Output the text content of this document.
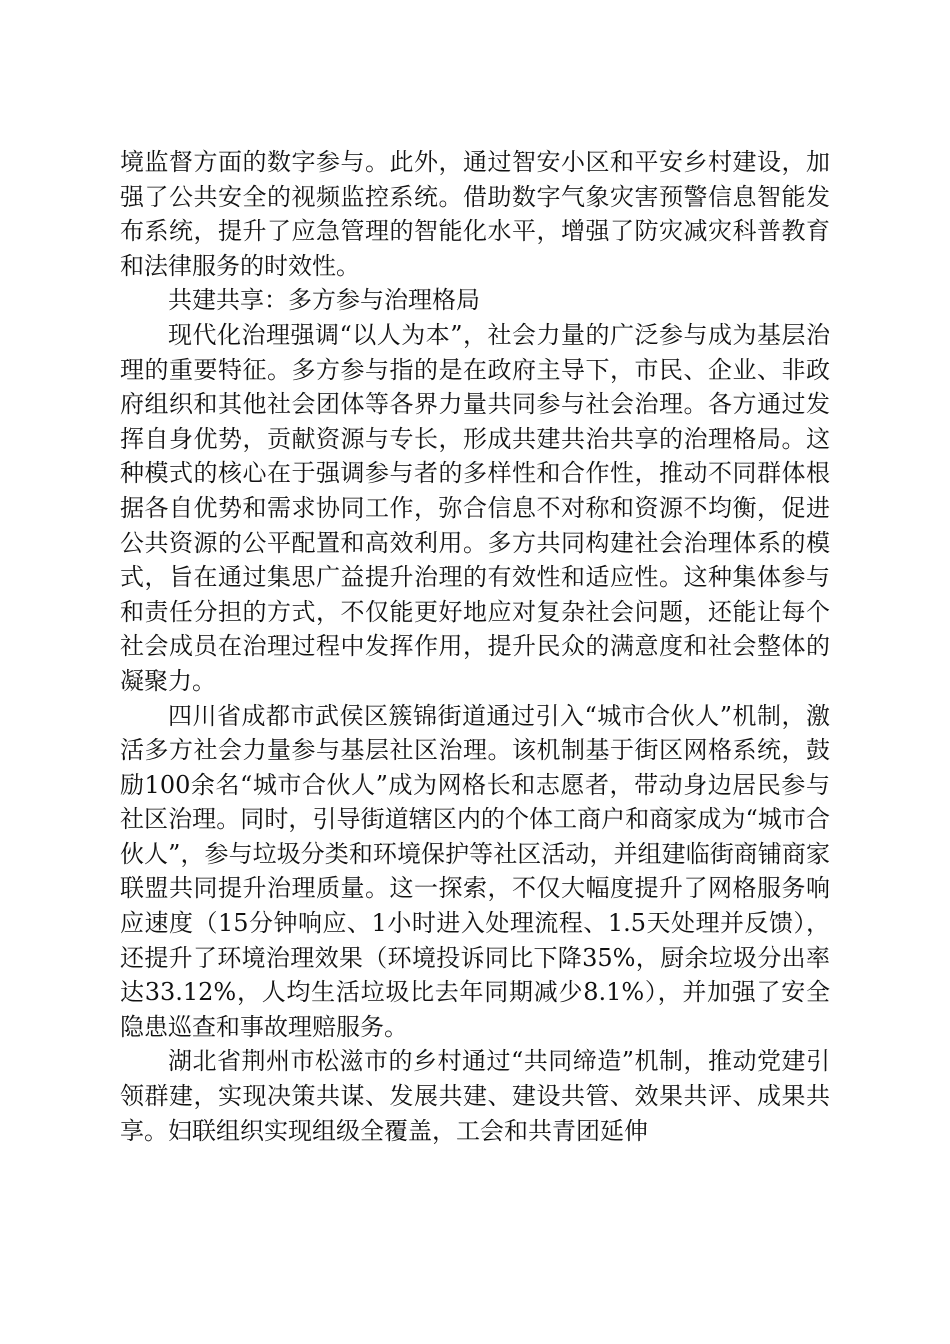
境监督方面的数字参与。此外，通过智安小区和平安乡村建设，加强了公共安全的视频监控系统。借助数字气象灾害预警信息智能发布系统，提升了应急管理的智能化水平，增强了防灾减灾科普教育和法律服务的时效性。

共建共享：多方参与治理格局

现代化治理强调“以人为本”，社会力量的广泛参与成为基层治理的重要特征。多方参与指的是在政府主导下，市民、企业、非政府组织和其他社会团体等各界力量共同参与社会治理。各方通过发挥自身优势，贡献资源与专长，形成共建共治共享的治理格局。这种模式的核心在于强调参与者的多样性和合作性，推动不同群体根据各自优势和需求协同工作，弥合信息不对称和资源不均衡，促进公共资源的公平配置和高效利用。多方共同构建社会治理体系的模式，旨在通过集思广益提升治理的有效性和适应性。这种集体参与和责任分担的方式，不仅能更好地应对复杂社会问题，还能让每个社会成员在治理过程中发挥作用，提升民众的满意度和社会整体的凝聚力。

四川省成都市武侯区簇锦街道通过引入“城市合伙人”机制，激活多方社会力量参与基层社区治理。该机制基于街区网格系统，鼓励100余名“城市合伙人”成为网格长和志愿者，带动身边居民参与社区治理。同时，引导街道辖区内的个体工商户和商家成为“城市合伙人”，参与垃圾分类和环境保护等社区活动，并组建临街商铺商家联盟共同提升治理质量。这一探索，不仅大幅度提升了网格服务响应速度（15分钟响应、1小时进入处理流程、1.5天处理并反馈），还提升了环境治理效果（环境投诉同比下降35%，厨余垃圾分出率达33.12%，人均生活垃圾比去年同期减少8.1%），并加强了安全隐患巡查和事故理赔服务。

湖北省荆州市松滋市的乡村通过“共同缔造”机制，推动党建引领群建，实现决策共谋、发展共建、建设共管、效果共评、成果共享。妇联组织实现组级全覆盖，工会和共青团延伸
